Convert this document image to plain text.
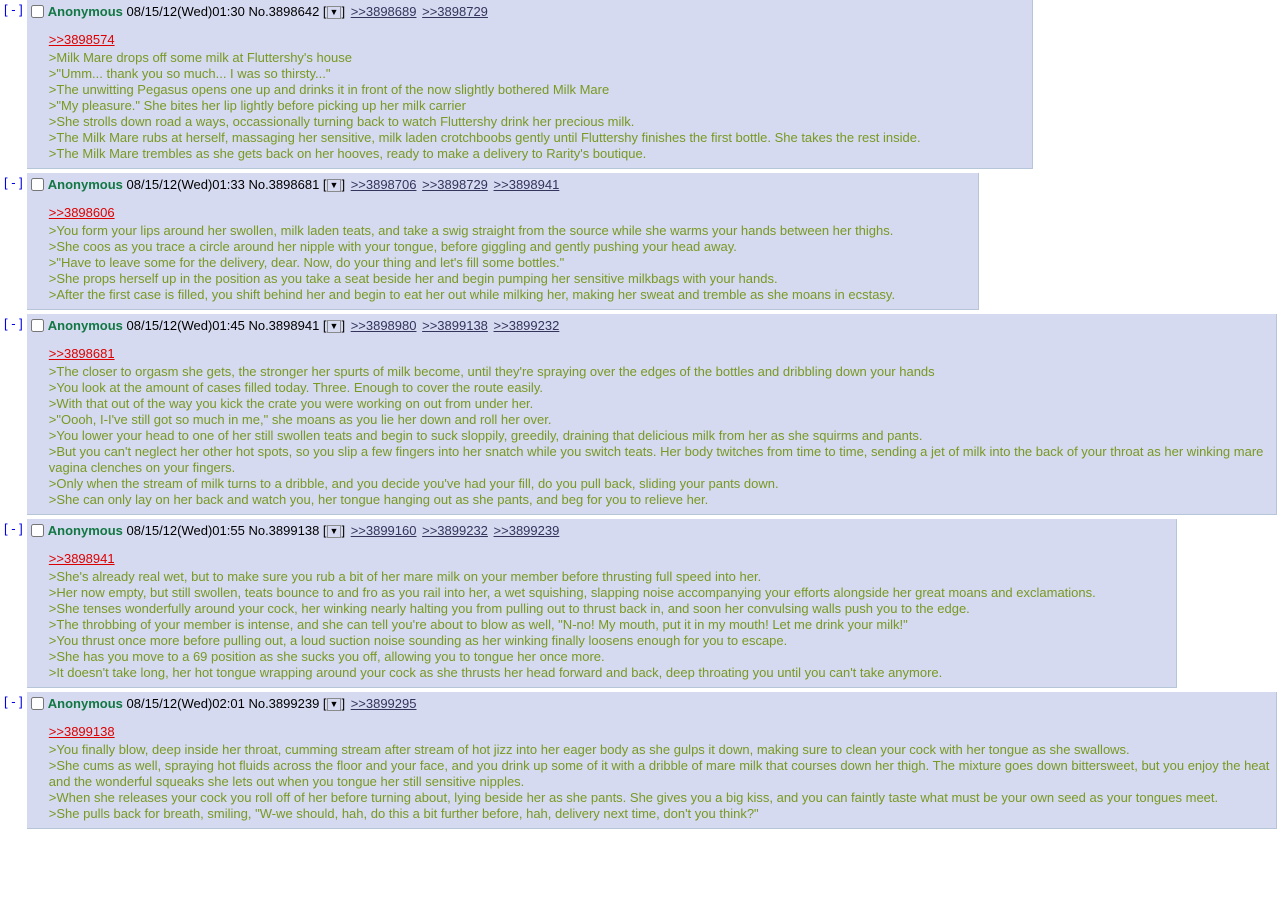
[ - ]	Anonymous 08/15/12(Wed)01:30 No.3898642 [ ▼ ] >>3898689 >>3898729
>>3898574

>Milk Mare drops off some milk at Fluttershy's house
>"Umm... thank you so much... I was so thirsty..."
>The unwitting Pegasus opens one up and drinks it in front of the now slightly bothered Milk Mare
>"My pleasure." She bites her lip lightly before picking up her milk carrier
>She strolls down road a ways, occassionally turning back to watch Fluttershy drink her precious milk.
>The Milk Mare rubs at herself, massaging her sensitive, milk laden crotchboobs gently until Fluttershy finishes the first bottle. She takes the rest inside.
>The Milk Mare trembles as she gets back on her hooves, ready to make a delivery to Rarity's boutique.
[ - ]	Anonymous 08/15/12(Wed)01:33 No.3898681 [ ▼ ] >>3898706 >>3898729 >>3898941
>>3898606

>You form your lips around her swollen, milk laden teats, and take a swig straight from the source while she warms your hands between her thighs.
>She coos as you trace a circle around her nipple with your tongue, before giggling and gently pushing your head away.
>"Have to leave some for the delivery, dear. Now, do your thing and let's fill some bottles."
>She props herself up in the position as you take a seat beside her and begin pumping her sensitive milkbags with your hands.
>After the first case is filled, you shift behind her and begin to eat her out while milking her, making her sweat and tremble as she moans in ecstasy.
[ - ]	Anonymous 08/15/12(Wed)01:45 No.3898941 [ ▼ ] >>3898980 >>3899138 >>3899232
>>3898681

>The closer to orgasm she gets, the stronger her spurts of milk become, until they're spraying over the edges of the bottles and dribbling down your hands
>You look at the amount of cases filled today. Three. Enough to cover the route easily.
>With that out of the way you kick the crate you were working on out from under her.
>"Oooh, I-I've still got so much in me," she moans as you lie her down and roll her over.
>You lower your head to one of her still swollen teats and begin to suck sloppily, greedily, draining that delicious milk from her as she squirms and pants.
>But you can't neglect her other hot spots, so you slip a few fingers into her snatch while you switch teats. Her body twitches from time to time, sending a jet of milk into the back of your throat as her winking mare vagina clenches on your fingers.
>Only when the stream of milk turns to a dribble, and you decide you've had your fill, do you pull back, sliding your pants down.
>She can only lay on her back and watch you, her tongue hanging out as she pants, and beg for you to relieve her.
[ - ]	Anonymous 08/15/12(Wed)01:55 No.3899138 [ ▼ ] >>3899160 >>3899232 >>3899239
>>3898941

>She's already real wet, but to make sure you rub a bit of her mare milk on your member before thrusting full speed into her.
>Her now empty, but still swollen, teats bounce to and fro as you rail into her, a wet squishing, slapping noise accompanying your efforts alongside her great moans and exclamations.
>She tenses wonderfully around your cock, her winking nearly halting you from pulling out to thrust back in, and soon her convulsing walls push you to the edge.
>The throbbing of your member is intense, and she can tell you're about to blow as well, "N-no! My mouth, put it in my mouth! Let me drink your milk!"
>You thrust once more before pulling out, a loud suction noise sounding as her winking finally loosens enough for you to escape.
>She has you move to a 69 position as she sucks you off, allowing you to tongue her once more.
>It doesn't take long, her hot tongue wrapping around your cock as she thrusts her head forward and back, deep throating you until you can't take anymore.
[ - ]	Anonymous 08/15/12(Wed)02:01 No.3899239 [ ▼ ] >>3899295
>>3899138

>You finally blow, deep inside her throat, cumming stream after stream of hot jizz into her eager body as she gulps it down, making sure to clean your cock with her tongue as she swallows.
>She cums as well, spraying hot fluids across the floor and your face, and you drink up some of it with a dribble of mare milk that courses down her thigh. The mixture goes down bittersweet, but you enjoy the heat and the wonderful squeaks she lets out when you tongue her still sensitive nipples.
>When she releases your cock you roll off of her before turning about, lying beside her as she pants. She gives you a big kiss, and you can faintly taste what must be your own seed as your tongues meet.
>She pulls back for breath, smiling, "W-we should, hah, do this a bit further before, hah, delivery next time, don't you think?"
